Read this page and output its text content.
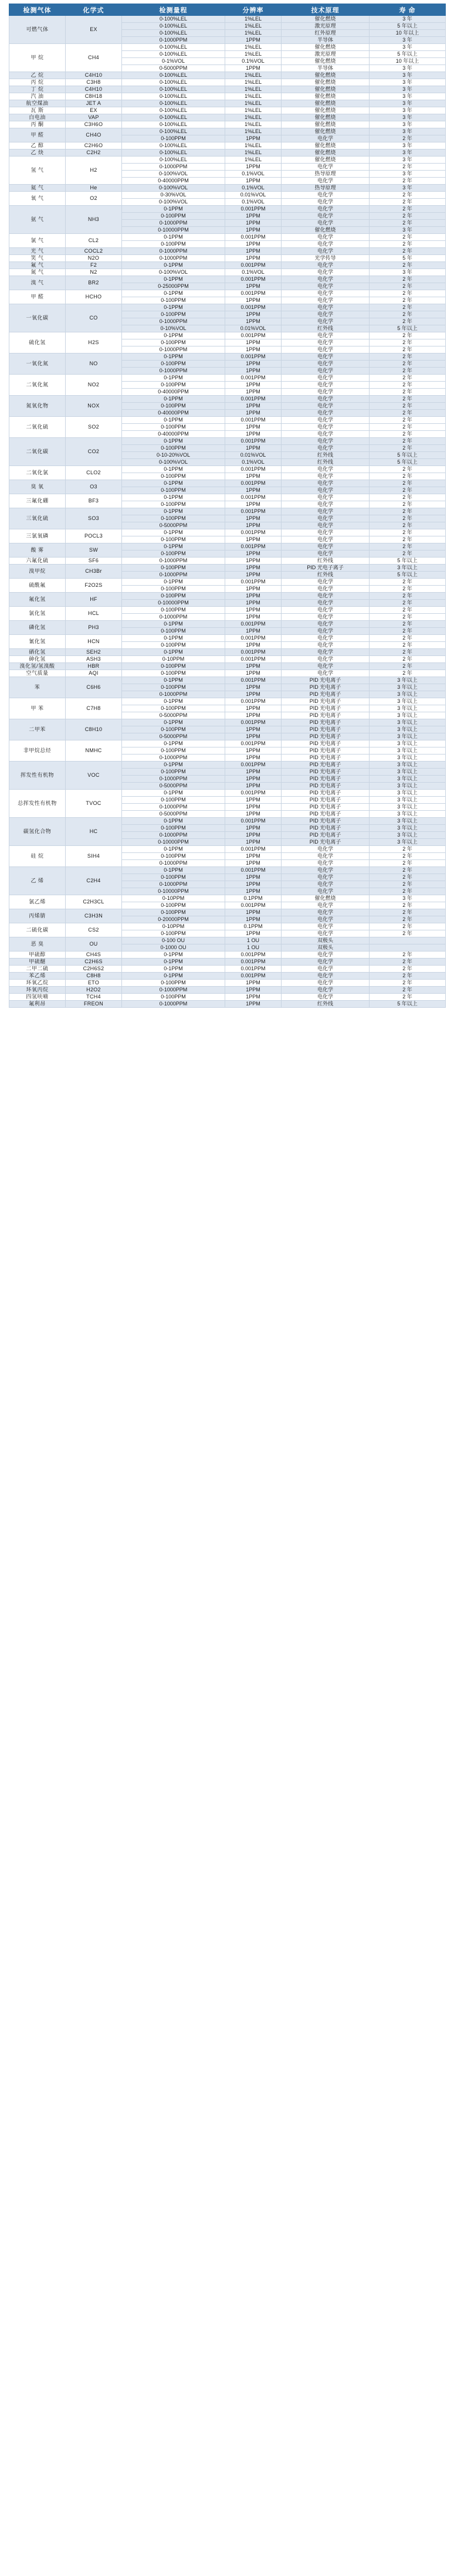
检测气体	化学式	检测量程	分辨率	技术原理	寿 命
可燃气体	EX	0-100%LEL	1%LEL	催化燃烧	3 年
		0-100%LEL	1%LEL	激光原理	5 年以上
		0-100%LEL	1%LEL	红外原理	10 年以上
		0-1000PPM	1PPM	半导体	3 年
甲 烷	CH4	0-100%LEL	1%LEL	催化燃烧	3 年
		0-100%LEL	1%LEL	激光原理	5 年以上
		0-1%VOL	0.1%VOL	催化燃烧	10 年以上
		0-5000PPM	1PPM	半导体	3 年
乙 烷	C4H10	0-100%LEL	1%LEL	催化燃烧	3 年
丙 烷	C3H8	0-100%LEL	1%LEL	催化燃烧	3 年
丁 烷	C4H10	0-100%LEL	1%LEL	催化燃烧	3 年
汽 油	C8H18	0-100%LEL	1%LEL	催化燃烧	3 年
航空煤油	JET A	0-100%LEL	1%LEL	催化燃烧	3 年
瓦 斯	EX	0-100%LEL	1%LEL	催化燃烧	3 年
白电油	VAP	0-100%LEL	1%LEL	催化燃烧	3 年
丙 酮	C3H6O	0-100%LEL	1%LEL	催化燃烧	3 年
甲 醛	CH4O	0-100%LEL	1%LEL	催化燃烧	3 年
		0-100PPM	1PPM	电化学	2 年
乙 醇	C2H6O	0-100%LEL	1%LEL	催化燃烧	3 年
乙 炔	C2H2	0-100%LEL	1%LEL	催化燃烧	3 年
氢 气	H2	0-100%LEL	1%LEL	催化燃烧	3 年
		0-1000PPM	1PPM	电化学	2 年
		0-100%VOL	0.1%VOL	热导原理	3 年
		0-40000PPM	1PPM	电化学	2 年
氦 气	He	0-100%VOL	0.1%VOL	热导原理	3 年
氧 气	O2	0-30%VOL	0.01%VOL	电化学	2 年
		0-100%VOL	0.1%VOL	电化学	2 年
氨 气	NH3	0-1PPM	0.001PPM	电化学	2 年
		0-100PPM	1PPM	电化学	2 年
		0-1000PPM	1PPM	电化学	2 年
		0-10000PPM	1PPM	催化燃烧	3 年
氯 气	CL2	0-1PPM	0.001PPM	电化学	2 年
		0-100PPM	1PPM	电化学	2 年
光 气	COCL2	0-1000PPM	1PPM	电化学	2 年
笑 气	N2O	0-1000PPM	1PPM	光学传导	5 年
氟 气	F2	0-1PPM	0.001PPM	电化学	2 年
氮 气	N2	0-100%VOL	0.1%VOL	电化学	3 年
溴 气	BR2	0-1PPM	0.001PPM	电化学	2 年
		0-25000PPM	1PPM	电化学	2 年
甲 醛	HCHO	0-1PPM	0.001PPM	电化学	2 年
		0-100PPM	1PPM	电化学	2 年
一氧化碳	CO	0-1PPM	0.001PPM	电化学	2 年
		0-100PPM	1PPM	电化学	2 年
		0-1000PPM	1PPM	电化学	2 年
		0-10%VOL	0.01%VOL	红外线	5 年以上
硫化氢	H2S	0-1PPM	0.001PPM	电化学	2 年
		0-100PPM	1PPM	电化学	2 年
		0-1000PPM	1PPM	电化学	2 年
一氧化氮	NO	0-1PPM	0.001PPM	电化学	2 年
		0-100PPM	1PPM	电化学	2 年
		0-1000PPM	1PPM	电化学	2 年
二氧化氮	NO2	0-1PPM	0.001PPM	电化学	2 年
		0-100PPM	1PPM	电化学	2 年
		0-40000PPM	1PPM	电化学	2 年
氮氧化物	NOX	0-1PPM	0.001PPM	电化学	2 年
		0-100PPM	1PPM	电化学	2 年
		0-40000PPM	1PPM	电化学	2 年
二氧化硫	SO2	0-1PPM	0.001PPM	电化学	2 年
		0-100PPM	1PPM	电化学	2 年
		0-40000PPM	1PPM	电化学	2 年
二氧化碳	CO2	0-1PPM	0.001PPM	电化学	2 年
		0-100PPM	1PPM	电化学	2 年
		0-10-20%VOL	0.01%VOL	红外线	5 年以上
		0-100%VOL	0.1%VOL	红外线	5 年以上
二氧化氯	CLO2	0-1PPM	0.001PPM	电化学	2 年
		0-100PPM	1PPM	电化学	2 年
臭 氧	O3	0-1PPM	0.001PPM	电化学	2 年
		0-100PPM	1PPM	电化学	2 年
三氟化硼	BF3	0-1PPM	0.001PPM	电化学	2 年
		0-100PPM	1PPM	电化学	2 年
三氧化硫	SO3	0-1PPM	0.001PPM	电化学	2 年
		0-100PPM	1PPM	电化学	2 年
		0-5000PPM	1PPM	电化学	2 年
三氯氧磷	POCL3	0-1PPM	0.001PPM	电化学	2 年
		0-100PPM	1PPM	电化学	2 年
酸 雾	SW	0-1PPM	0.001PPM	电化学	2 年
		0-100PPM	1PPM	电化学	2 年
六氟化硫	SF6	0-1000PPM	1PPM	红外线	5 年以上
溴甲烷	CH3Br	0-100PPM	1PPM	PID 光电子离子	3 年以上
		0-1000PPM	1PPM	红外线	5 年以上
硫酰氟	F2O2S	0-1PPM	0.001PPM	电化学	2 年
		0-100PPM	1PPM	电化学	2 年
氟化氢	HF	0-100PPM	1PPM	电化学	2 年
		0-10000PPM	1PPM	电化学	2 年
氯化氢	HCL	0-100PPM	1PPM	电化学	2 年
		0-1000PPM	1PPM	电化学	2 年
磷化氢	PH3	0-1PPM	0.001PPM	电化学	2 年
		0-100PPM	1PPM	电化学	2 年
氰化氢	HCN	0-1PPM	0.001PPM	电化学	2 年
		0-100PPM	1PPM	电化学	2 年
硒化氢	SEH2	0-1PPM	0.001PPM	电化学	2 年
砷化氢	ASH3	0-10PPM	0.001PPM	电化学	2 年
溴化氢/氢溴酸	HBR	0-100PPM	1PPM	电化学	2 年
空气质量	AQI	0-100PPM	1PPM	电化学	2 年
苯	C6H6	0-1PPM	0.001PPM	PID 光电离子	3 年以上
		0-100PPM	1PPM	PID 光电离子	3 年以上
		0-1000PPM	1PPM	PID 光电离子	3 年以上
甲 苯	C7H8	0-1PPM	0.001PPM	PID 光电离子	3 年以上
		0-100PPM	1PPM	PID 光电离子	3 年以上
		0-5000PPM	1PPM	PID 光电离子	3 年以上
二甲苯	C8H10	0-1PPM	0.001PPM	PID 光电离子	3 年以上
		0-100PPM	1PPM	PID 光电离子	3 年以上
		0-5000PPM	1PPM	PID 光电离子	3 年以上
非甲烷总烃	NMHC	0-1PPM	0.001PPM	PID 光电离子	3 年以上
		0-100PPM	1PPM	PID 光电离子	3 年以上
		0-1000PPM	1PPM	PID 光电离子	3 年以上
挥发性有机物	VOC	0-1PPM	0.001PPM	PID 光电离子	3 年以上
		0-100PPM	1PPM	PID 光电离子	3 年以上
		0-1000PPM	1PPM	PID 光电离子	3 年以上
		0-5000PPM	1PPM	PID 光电离子	3 年以上
总挥发性有机物	TVOC	0-1PPM	0.001PPM	PID 光电离子	3 年以上
		0-100PPM	1PPM	PID 光电离子	3 年以上
		0-1000PPM	1PPM	PID 光电离子	3 年以上
		0-5000PPM	1PPM	PID 光电离子	3 年以上
碳氢化合物	HC	0-1PPM	0.001PPM	PID 光电离子	3 年以上
		0-100PPM	1PPM	PID 光电离子	3 年以上
		0-1000PPM	1PPM	PID 光电离子	3 年以上
		0-10000PPM	1PPM	PID 光电离子	3 年以上
硅 烷	SIH4	0-1PPM	0.001PPM	电化学	2 年
		0-100PPM	1PPM	电化学	2 年
		0-1000PPM	1PPM	电化学	2 年
乙 烯	C2H4	0-1PPM	0.001PPM	电化学	2 年
		0-100PPM	1PPM	电化学	2 年
		0-1000PPM	1PPM	电化学	2 年
		0-10000PPM	1PPM	电化学	2 年
氯乙烯	C2H3CL	0-10PPM	0.1PPM	催化燃烧	3 年
		0-100PPM	0.001PPM	电化学	2 年
丙烯腈	C3H3N	0-100PPM	1PPM	电化学	2 年
		0-20000PPM	1PPM	电化学	2 年
二硫化碳	CS2	0-10PPM	0.1PPM	电化学	2 年
		0-100PPM	1PPM	电化学	2 年
恶 臭	OU	0-100 OU	1 OU	双极头	
		0-1000 OU	1 OU	双极头	
甲硫醇	CH4S	0-1PPM	0.001PPM	电化学	2 年
甲硫醚	C2H6S	0-1PPM	0.001PPM	电化学	2 年
二甲二硫	C2H6S2	0-1PPM	0.001PPM	电化学	2 年
苯乙烯	C8H8	0-1PPM	0.001PPM	电化学	2 年
环氧乙烷	ETO	0-100PPM	1PPM	电化学	2 年
环氧丙烷	H2O2	0-1000PPM	1PPM	电化学	2 年
四氢呋喃	TCH4	0-100PPM	1PPM	电化学	2 年
氟利昂	FREON	0-1000PPM	1PPM	红外线	5 年以上
